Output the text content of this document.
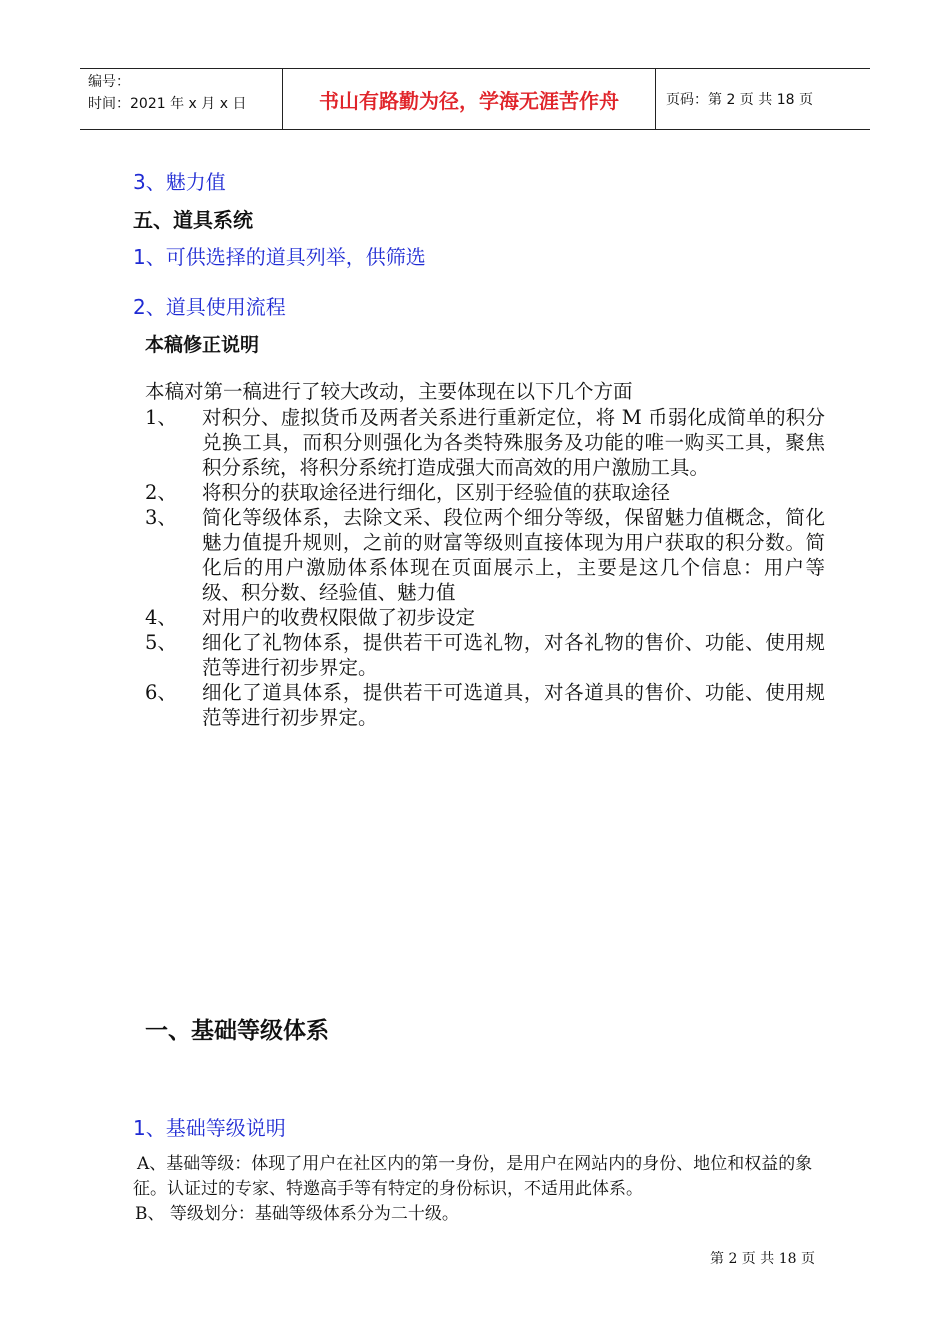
编号：
时间：2021 年 x 月 x 日	书山有路勤为径，学海无涯苦作舟	页码：第 2 页 共 18 页
3、魅力值
五、道具系统
1、可供选择的道具列举，供筛选
2、道具使用流程
本稿修正说明
本稿对第一稿进行了较大改动，主要体现在以下几个方面
1、	对积分、虚拟货币及两者关系进行重新定位，将 M 币弱化成简单的积分兑换工具，而积分则强化为各类特殊服务及功能的唯一购买工具，聚焦积分系统，将积分系统打造成强大而高效的用户激励工具。
2、	将积分的获取途径进行细化，区别于经验值的获取途径
3、	简化等级体系，去除文采、段位两个细分等级，保留魅力值概念，简化魅力值提升规则，之前的财富等级则直接体现为用户获取的积分数。简化后的用户激励体系体现在页面展示上，主要是这几个信息：用户等级、积分数、经验值、魅力值
4、	对用户的收费权限做了初步设定
5、	细化了礼物体系，提供若干可选礼物，对各礼物的售价、功能、使用规范等进行初步界定。
6、	细化了道具体系，提供若干可选道具，对各道具的售价、功能、使用规范等进行初步界定。
一、基础等级体系
1、基础等级说明
A、基础等级：体现了用户在社区内的第一身份，是用户在网站内的身份、地位和权益的象征。认证过的专家、特邀高手等有特定的身份标识，不适用此体系。
B、 等级划分：基础等级体系分为二十级。
第 2 页 共 18 页
